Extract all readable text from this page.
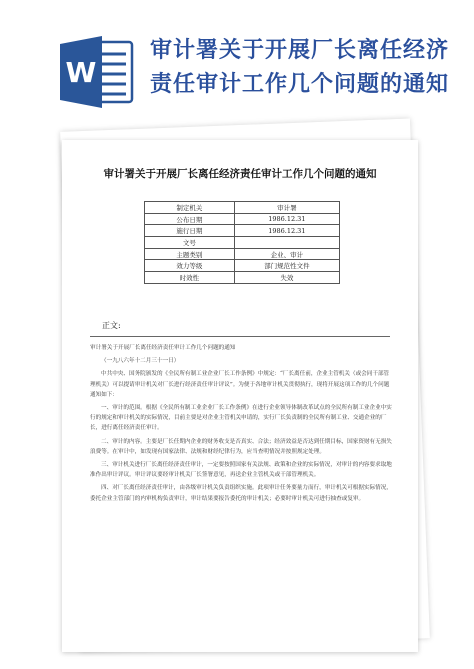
W
审计署关于开展厂长离任经济
责任审计工作几个问题的通知
审计署关于开展厂长离任经济责任审计工作几个问题的通知
制定机关	审计署
公布日期	1986.12.31
施行日期	1986.12.31
文号	
主题类别	企业、审计
效力等级	部门规范性文件
时效性	失效
正文:

审计署关于开展厂长离任经济责任审计工作几个问题的通知

（一九八六年十二月三十一日）

中共中央、国务院颁发的《全民所有制工业企业厂长工作条例》中规定：“厂长离任前，企业主管机关（或会同干部管理机关）可以提请审计机关对厂长进行经济责任审计评议”。为便于各地审计机关贯彻执行，现将开展这项工作的几个问题通知如下：

一、审计的范围。根据《全民所有制工业企业厂长工作条例》在进行企业领导体制改革试点的全民所有制工业企业中实行的规定和审计机关的实际情况，目前主要是对企业主管机关申请的，实行厂长负责制的全民所有制工业、交通企业的厂长，进行离任经济责任审计。

二、审计的内容。主要是厂长任期内企业的财务收支是否真实、合法；经济效益是否达到任期目标，国家资财有无损失浪费等。在审计中，如发现有国家法律、法规和财经纪律行为，应当查明情况并按照规定处理。

三、审计机关进行厂长离任经济责任审计，一定要按照国家有关法规、政策和企业的实际情况，对审计的内容要求取地准作出审计评议。审计评议要经审计机关厂长签署意见，再送企业主管机关或干部管理机关。

四、对厂长离任经济责任审计，由各级审计机关负责组织实施。此项审计任务要量力而行，审计机关可根据实际情况，委托企业主管部门的内审机构负责审计，审计结果要报告委托的审计机关；必要时审计机关可进行抽查或复审。
